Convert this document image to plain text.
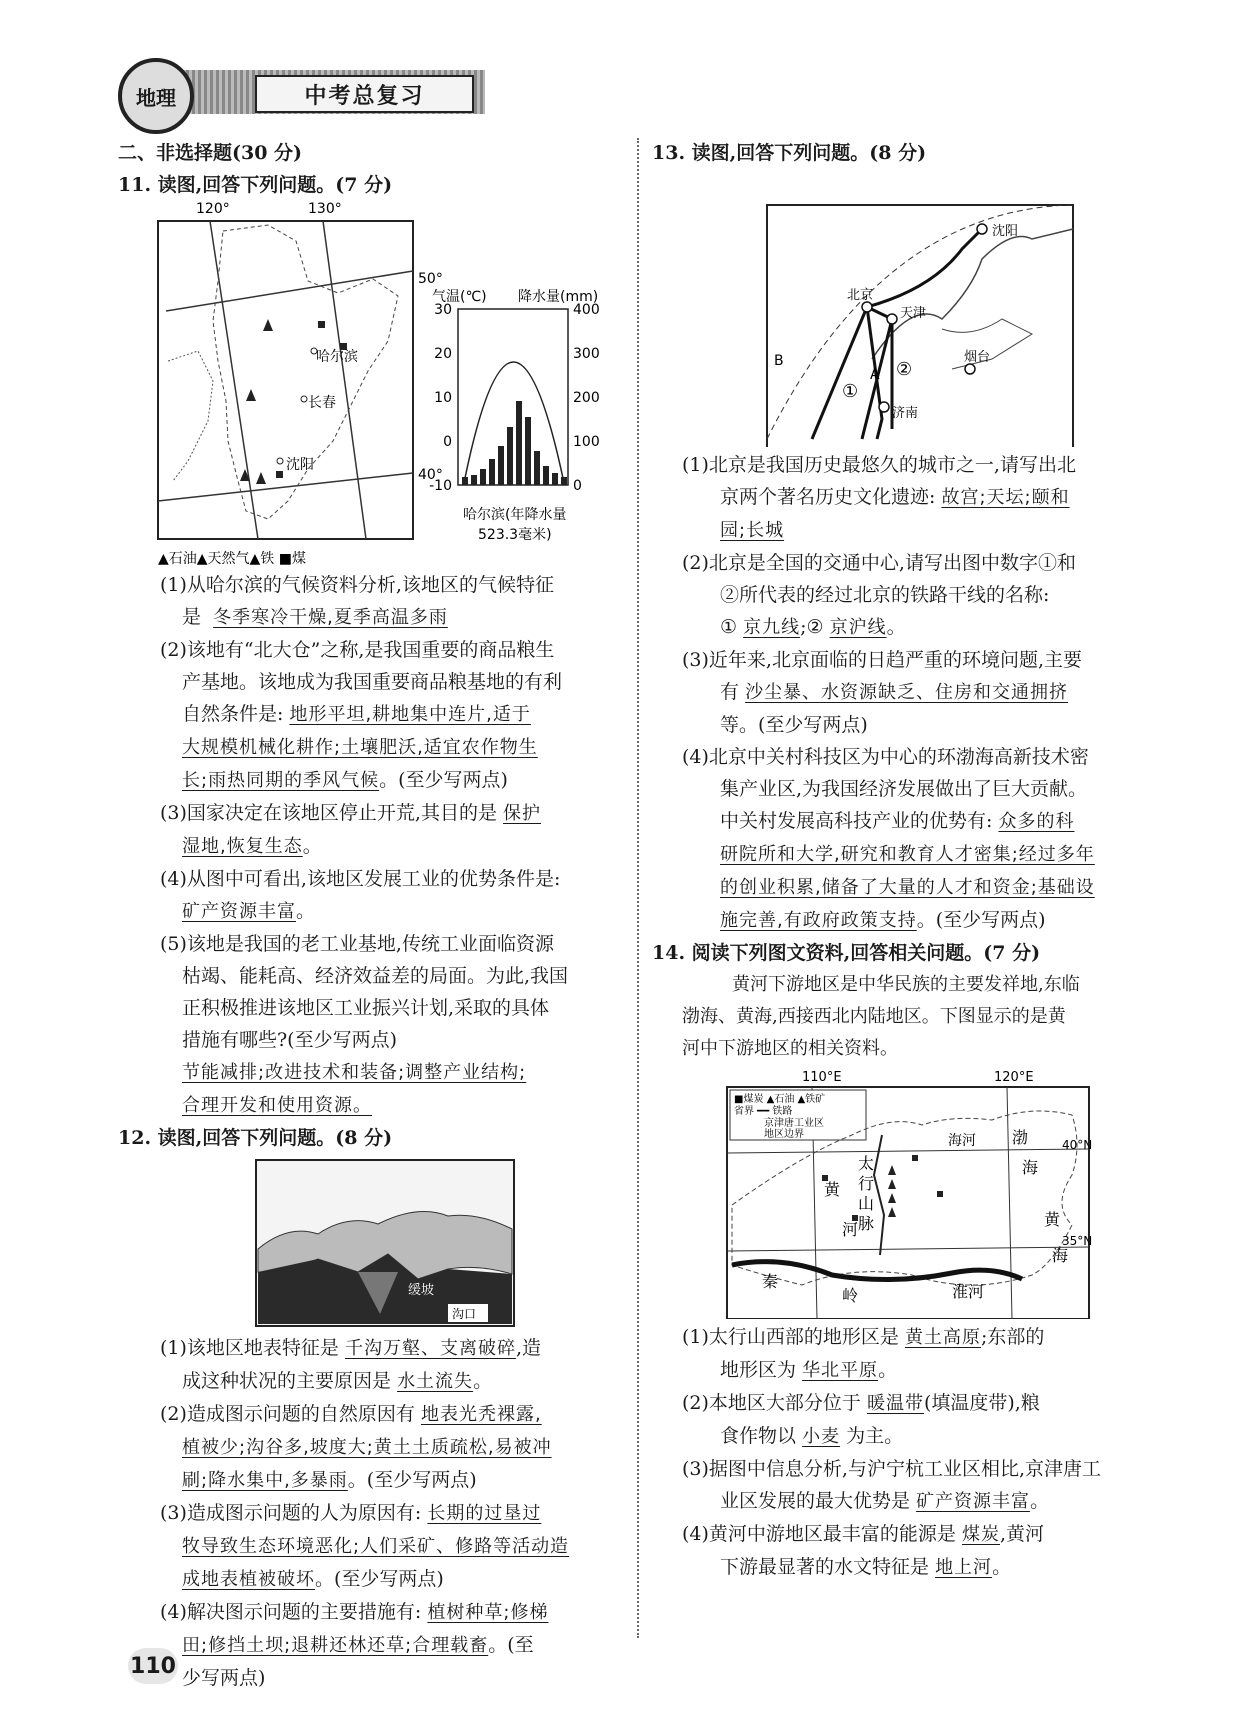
地理	中考总复习

二、非选择题(30 分)

11. 读图,回答下列问题。(7 分)

120°	130°
哈尔滨
长春
沈阳
50°
40°
▲石油▲天然气▲铁 ■煤
气温(℃) 降水量(mm)
30
20
10
0
-10
400
300
200
100
0
哈尔滨(年降水量
523.3毫米)

(1)从哈尔滨的气候资料分析,该地区的气候特征

是 冬季寒冷干燥,夏季高温多雨

(2)该地有“北大仓”之称,是我国重要的商品粮生

产基地。该地成为我国重要商品粮基地的有利

自然条件是: 地形平坦,耕地集中连片,适于

大规模机械化耕作;土壤肥沃,适宜农作物生

长;雨热同期的季风气候。(至少写两点)

(3)国家决定在该地区停止开荒,其目的是 保护

湿地,恢复生态。

(4)从图中可看出,该地区发展工业的优势条件是:

矿产资源丰富。

(5)该地是我国的老工业基地,传统工业面临资源

枯竭、能耗高、经济效益差的局面。为此,我国

正积极推进该地区工业振兴计划,采取的具体

措施有哪些?(至少写两点)

节能减排;改进技术和装备;调整产业结构;

合理开发和使用资源。

12. 读图,回答下列问题。(8 分)

缓坡
沟口

(1)该地区地表特征是 千沟万壑、支离破碎,造

成这种状况的主要原因是 水土流失。

(2)造成图示问题的自然原因有 地表光秃裸露,

植被少;沟谷多,坡度大;黄土土质疏松,易被冲

刷;降水集中,多暴雨。(至少写两点)

(3)造成图示问题的人为原因有: 长期的过垦过

牧导致生态环境恶化;人们采矿、修路等活动造

成地表植被破坏。(至少写两点)

(4)解决图示问题的主要措施有: 植树种草;修梯

田;修挡土坝;退耕还林还草;合理载畜。(至

少写两点)

13. 读图,回答下列问题。(8 分)

沈阳
北京
天津
烟台
济南
A
B
①
②

(1)北京是我国历史最悠久的城市之一,请写出北

京两个著名历史文化遗迹: 故宫;天坛;颐和

园;长城

(2)北京是全国的交通中心,请写出图中数字①和

②所代表的经过北京的铁路干线的名称:

① 京九线;② 京沪线。

(3)近年来,北京面临的日趋严重的环境问题,主要

有 沙尘暴、水资源缺乏、住房和交通拥挤

等。(至少写两点)

(4)北京中关村科技区为中心的环渤海高新技术密

集产业区,为我国经济发展做出了巨大贡献。

中关村发展高科技产业的优势有: 众多的科

研院所和大学,研究和教育人才密集;经过多年

的创业积累,储备了大量的人才和资金;基础设

施完善,有政府政策支持。(至少写两点)

14. 阅读下列图文资料,回答相关问题。(7 分)

黄河下游地区是中华民族的主要发祥地,东临

渤海、黄海,西接西北内陆地区。下图显示的是黄

河中下游地区的相关资料。

110°E	120°E
■煤炭 ▲石油 ▲铁矿
省界 ━━ 铁路
京津唐工业区
地区边界
40°N
35°N
黄
河
太
行
山
脉
秦
岭	淮河
渤
海
海河
黄
海

(1)太行山西部的地形区是 黄土高原;东部的

地形区为 华北平原。

(2)本地区大部分位于 暖温带(填温度带),粮

食作物以 小麦 为主。

(3)据图中信息分析,与沪宁杭工业区相比,京津唐工

业区发展的最大优势是 矿产资源丰富。

(4)黄河中游地区最丰富的能源是 煤炭,黄河

下游最显著的水文特征是 地上河。

110
